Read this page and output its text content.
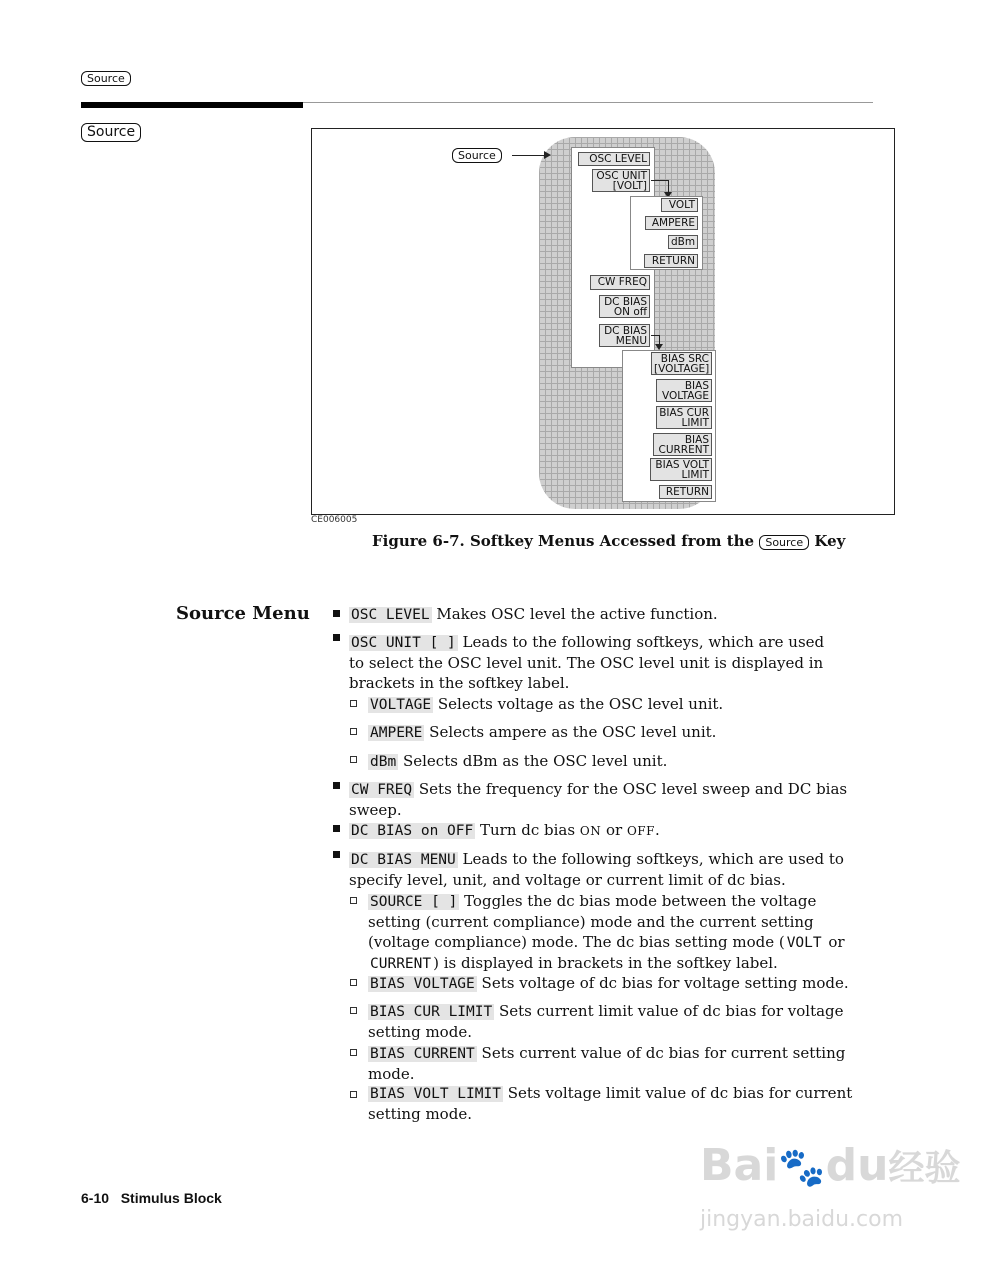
Source
Source
Source	OSC LEVEL
OSC UNIT
[VOLT]
CW FREQ
DC BIAS
ON off
DC BIAS
MENU
VOLT
AMPERE
dBm
RETURN
BIAS SRC
[VOLTAGE]
BIAS
VOLTAGE
BIAS CUR
LIMIT
BIAS
CURRENT
BIAS VOLT
LIMIT
RETURN
CE006005
Figure 6-7. Softkey Menus Accessed from the Source Key
Source Menu	OSC LEVEL Makes OSC level the active function.
OSC UNIT [ ] Leads to the following softkeys, which are used
to select the OSC level unit. The OSC level unit is displayed in
brackets in the softkey label.
VOLTAGE Selects voltage as the OSC level unit.
AMPERE Selects ampere as the OSC level unit.
dBm Selects dBm as the OSC level unit.
CW FREQ Sets the frequency for the OSC level sweep and DC bias
sweep.
DC BIAS on OFF Turn dc bias ON or OFF.
DC BIAS MENU Leads to the following softkeys, which are used to
specify level, unit, and voltage or current limit of dc bias.
SOURCE [ ] Toggles the dc bias mode between the voltage
setting (current compliance) mode and the current setting
(voltage compliance) mode. The dc bias setting mode ( VOLT or
CURRENT ) is displayed in brackets in the softkey label.
BIAS VOLTAGE Sets voltage of dc bias for voltage setting mode.
BIAS CUR LIMIT Sets current limit value of dc bias for voltage
setting mode.
BIAS CURRENT Sets current value of dc bias for current setting
mode.
BIAS VOLT LIMIT Sets voltage limit value of dc bias for current
setting mode.
6-10 Stimulus Block
Bai🐾du经验
jingyan.baidu.com
